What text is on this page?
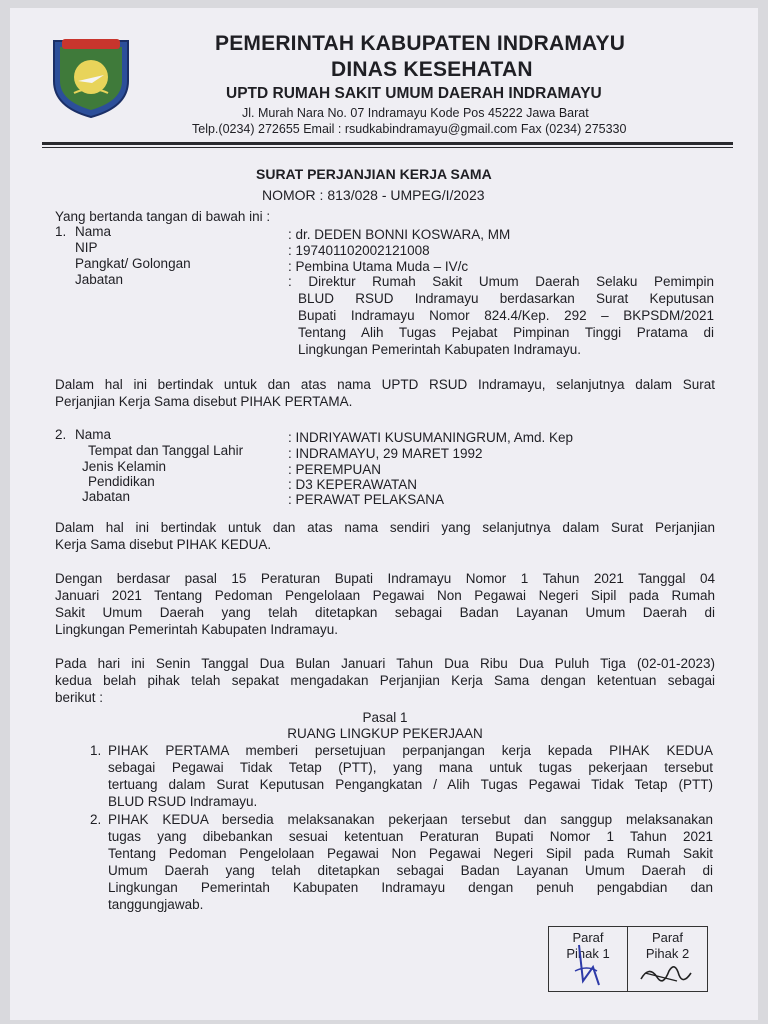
PEMERINTAH KABUPATEN INDRAMAYU
DINAS KESEHATAN
UPTD RUMAH SAKIT UMUM DAERAH INDRAMAYU
Jl. Murah Nara No. 07 Indramayu Kode Pos 45222 Jawa Barat
Telp.(0234) 272655 Email : rsudkabindramayu@gmail.com Fax (0234) 275330
SURAT PERJANJIAN KERJA SAMA
NOMOR : 813/028 - UMPEG/I/2023
Yang bertanda tangan di bawah ini :
1. Nama	: dr. DEDEN BONNI KOSWARA, MM
NIP	: 197401102002121008
Pangkat/ Golongan	: Pembina Utama Muda – IV/c
Jabatan	: Direktur Rumah Sakit Umum Daerah Selaku Pemimpin
BLUD RSUD Indramayu berdasarkan Surat Keputusan
Bupati Indramayu Nomor 824.4/Kep. 292 – BKPSDM/2021
Tentang Alih Tugas Pejabat Pimpinan Tinggi Pratama di
Lingkungan Pemerintah Kabupaten Indramayu.
Dalam hal ini bertindak untuk dan atas nama UPTD RSUD Indramayu, selanjutnya dalam Surat
Perjanjian Kerja Sama disebut PIHAK PERTAMA.
2. Nama	: INDRIYAWATI KUSUMANINGRUM, Amd. Kep
Tempat dan Tanggal Lahir	: INDRAMAYU, 29 MARET 1992
Jenis Kelamin	: PEREMPUAN
Pendidikan	: D3 KEPERAWATAN
Jabatan	: PERAWAT PELAKSANA
Dalam hal ini bertindak untuk dan atas nama sendiri yang selanjutnya dalam Surat Perjanjian
Kerja Sama disebut PIHAK KEDUA.
Dengan berdasar pasal 15 Peraturan Bupati Indramayu Nomor 1 Tahun 2021 Tanggal 04
Januari 2021 Tentang Pedoman Pengelolaan Pegawai Non Pegawai Negeri Sipil pada Rumah
Sakit Umum Daerah yang telah ditetapkan sebagai Badan Layanan Umum Daerah di
Lingkungan Pemerintah Kabupaten Indramayu.
Pada hari ini Senin Tanggal Dua Bulan Januari Tahun Dua Ribu Dua Puluh Tiga (02-01-2023)
kedua belah pihak telah sepakat mengadakan Perjanjian Kerja Sama dengan ketentuan sebagai
berikut :
Pasal 1
RUANG LINGKUP PEKERJAAN
1. PIHAK PERTAMA memberi persetujuan perpanjangan kerja kepada PIHAK KEDUA
sebagai Pegawai Tidak Tetap (PTT), yang mana untuk tugas pekerjaan tersebut
tertuang dalam Surat Keputusan Pengangkatan / Alih Tugas Pegawai Tidak Tetap (PTT)
BLUD RSUD Indramayu.
2. PIHAK KEDUA bersedia melaksanakan pekerjaan tersebut dan sanggup melaksanakan
tugas yang dibebankan sesuai ketentuan Peraturan Bupati Nomor 1 Tahun 2021
Tentang Pedoman Pengelolaan Pegawai Non Pegawai Negeri Sipil pada Rumah Sakit
Umum Daerah yang telah ditetapkan sebagai Badan Layanan Umum Daerah di
Lingkungan Pemerintah Kabupaten Indramayu dengan penuh pengabdian dan
tanggungjawab.
Paraf
Pihak 1
Paraf
Pihak 2
